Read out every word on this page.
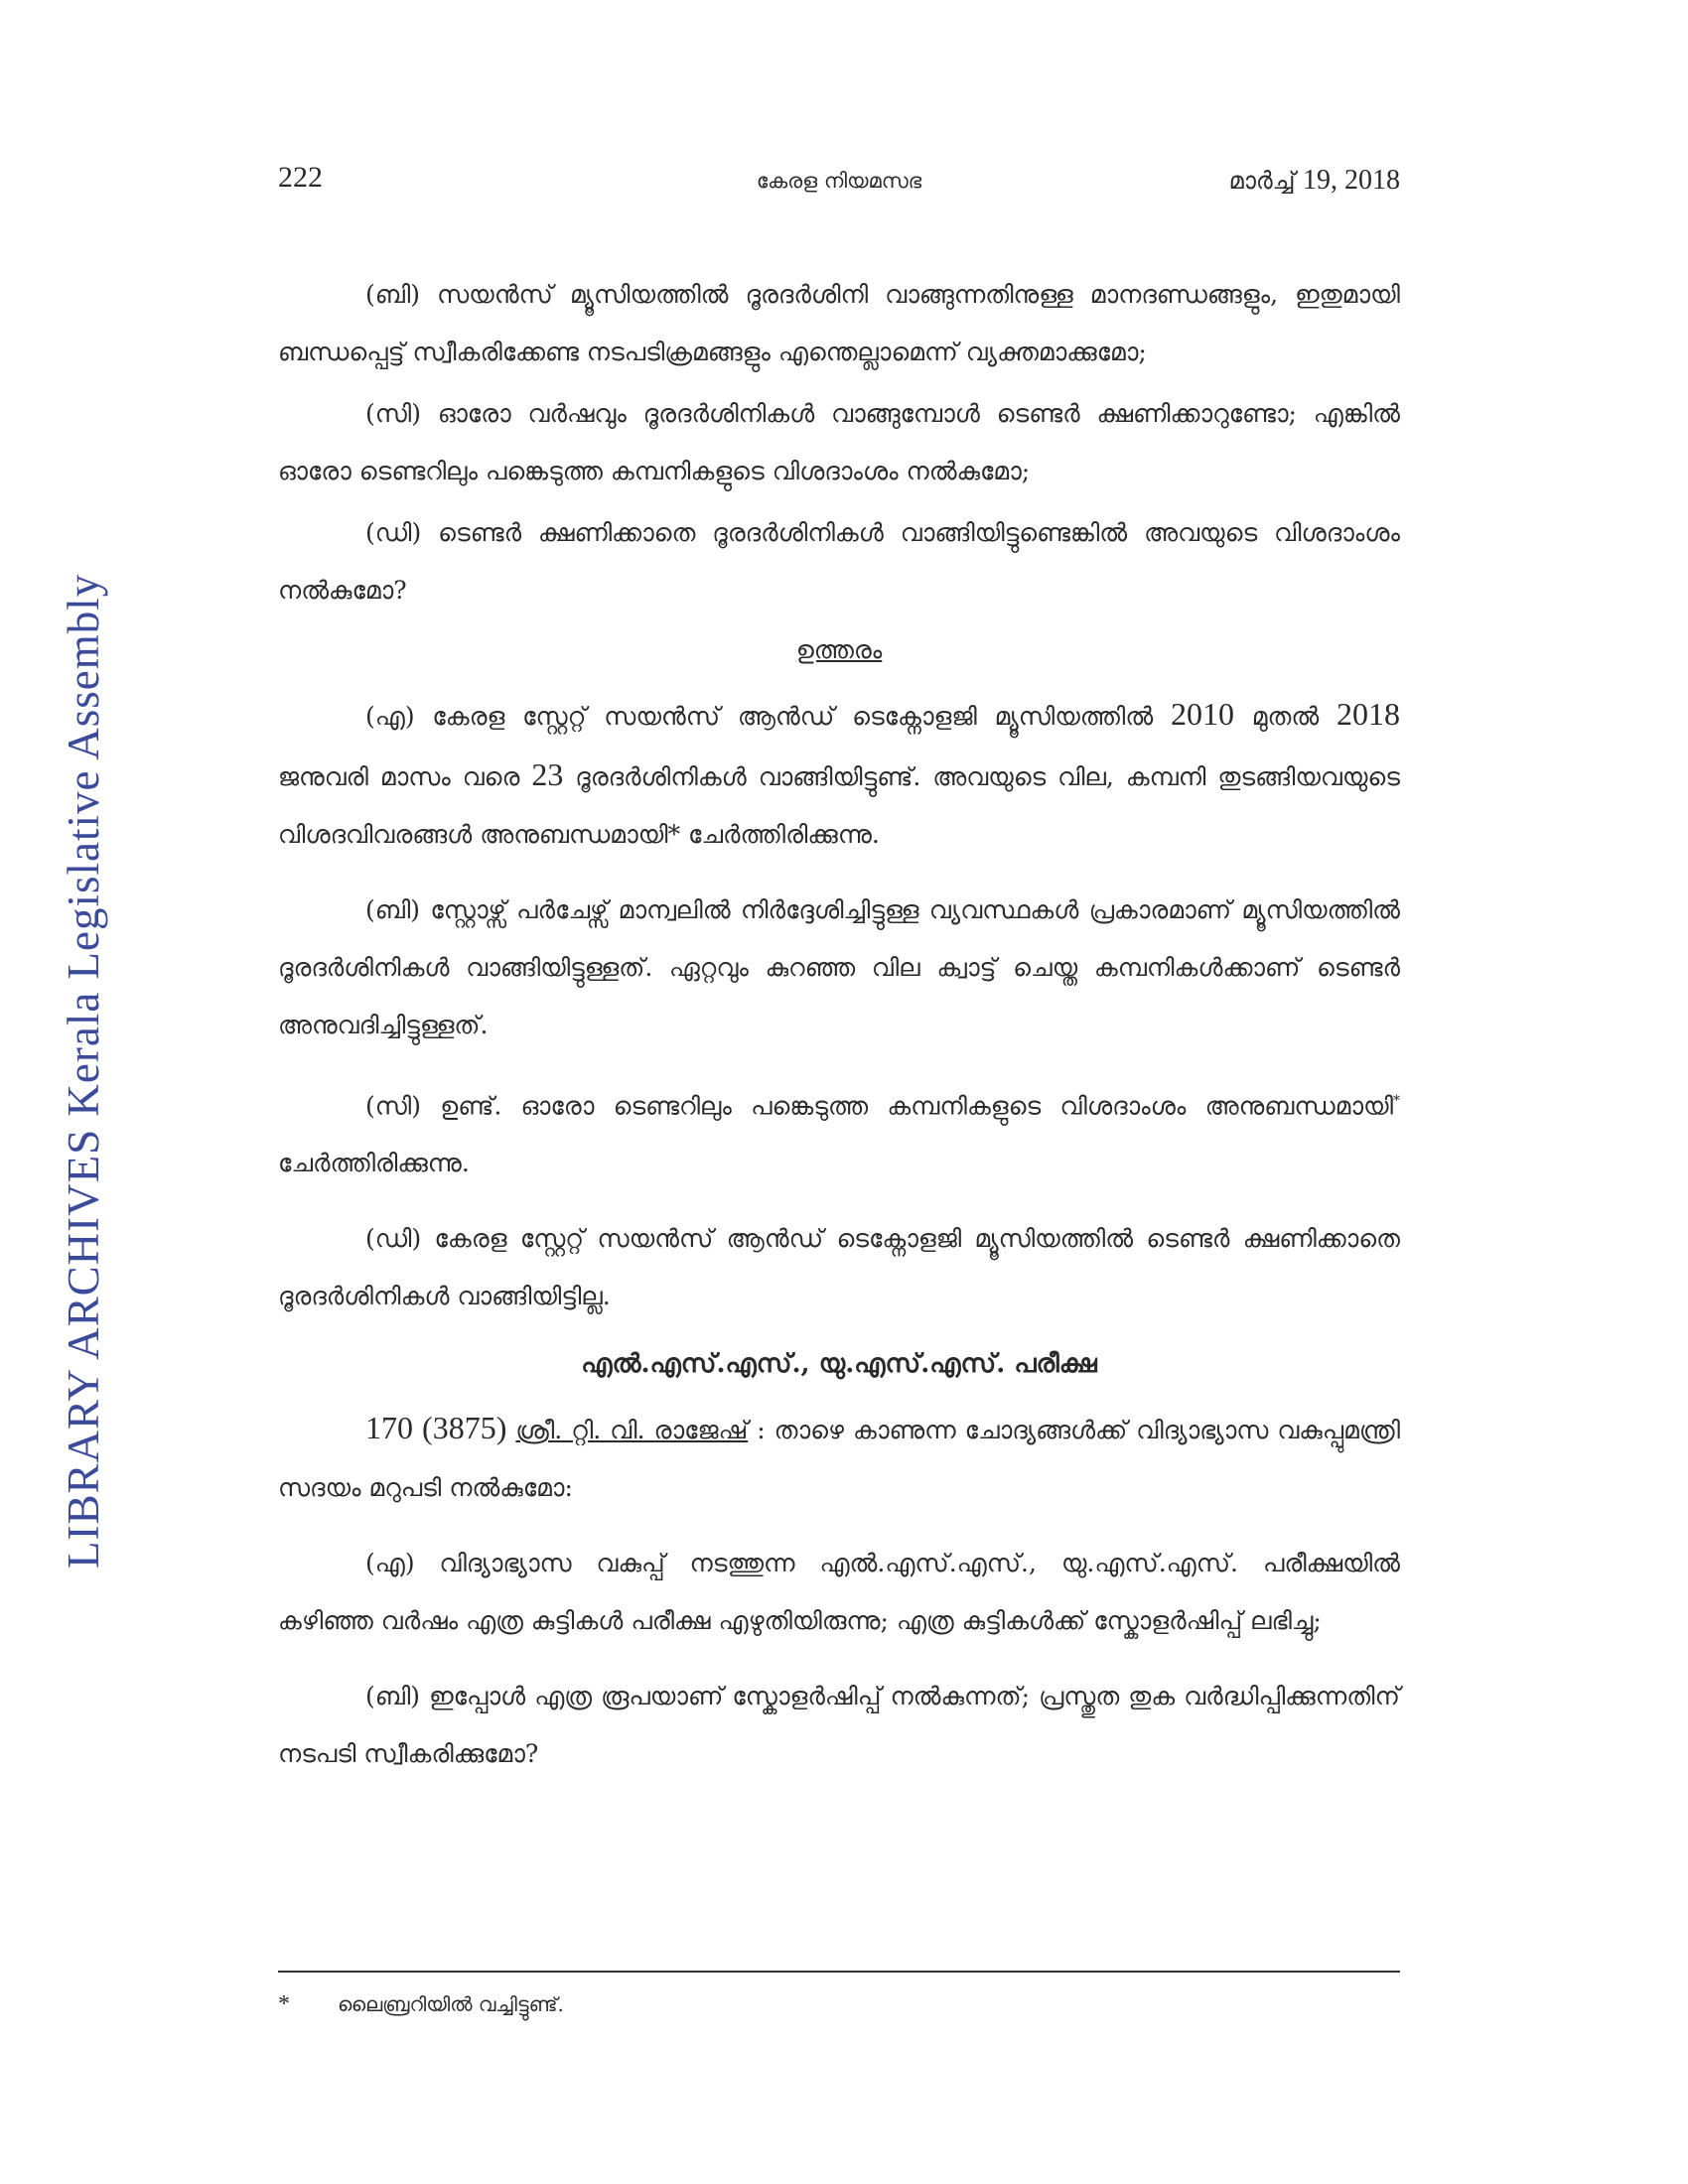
LIBRARY ARCHIVES Kerala Legislative Assembly
222	കേരള നിയമസഭ	മാർച്ച് 19, 2018

(ബി) സയൻസ് മ്യൂസിയത്തിൽ ദൂരദർശിനി വാങ്ങുന്നതിനുള്ള മാനദണ്ഡങ്ങളും, ഇതുമായി ബന്ധപ്പെട്ട് സ്വീകരിക്കേണ്ട നടപടിക്രമങ്ങളും എന്തെല്ലാമെന്ന് വ്യക്തമാക്കുമോ;

(സി) ഓരോ വർഷവും ദൂരദർശിനികൾ വാങ്ങുമ്പോൾ ടെണ്ടർ ക്ഷണിക്കാറുണ്ടോ; എങ്കിൽ ഓരോ ടെണ്ടറിലും പങ്കെടുത്ത കമ്പനികളുടെ വിശദാംശം നൽകുമോ;

(ഡി) ടെണ്ടർ ക്ഷണിക്കാതെ ദൂരദർശിനികൾ വാങ്ങിയിട്ടുണ്ടെങ്കിൽ അവയുടെ വിശദാംശം നൽകുമോ?

ഉത്തരം

(എ) കേരള സ്റ്റേറ്റ് സയൻസ് ആൻഡ് ടെക്നോളജി മ്യൂസിയത്തിൽ 2010 മുതൽ 2018 ജനുവരി മാസം വരെ 23 ദൂരദർശിനികൾ വാങ്ങിയിട്ടുണ്ട്. അവയുടെ വില, കമ്പനി തുടങ്ങിയവയുടെ വിശദവിവരങ്ങൾ അനുബന്ധമായി* ചേർത്തിരിക്കുന്നു.

(ബി) സ്റ്റോഴ്സ് പർചേഴ്സ് മാന്വലിൽ നിർദ്ദേശിച്ചിട്ടുള്ള വ്യവസ്ഥകൾ പ്രകാരമാണ് മ്യൂസിയത്തിൽ ദൂരദർശിനികൾ വാങ്ങിയിട്ടുള്ളത്. ഏറ്റവും കുറഞ്ഞ വില ക്വാട്ട് ചെയ്ത കമ്പനികൾക്കാണ് ടെണ്ടർ അനുവദിച്ചിട്ടുള്ളത്.

(സി) ഉണ്ട്. ഓരോ ടെണ്ടറിലും പങ്കെടുത്ത കമ്പനികളുടെ വിശദാംശം അനുബന്ധമായി* ചേർത്തിരിക്കുന്നു.

(ഡി) കേരള സ്റ്റേറ്റ് സയൻസ് ആൻഡ് ടെക്നോളജി മ്യൂസിയത്തിൽ ടെണ്ടർ ക്ഷണിക്കാതെ ദൂരദർശിനികൾ വാങ്ങിയിട്ടില്ല.

എൽ.എസ്.എസ്., യു.എസ്.എസ്. പരീക്ഷ

170 (3875) ശ്രീ. റ്റി. വി. രാജേഷ് : താഴെ കാണുന്ന ചോദ്യങ്ങൾക്ക് വിദ്യാഭ്യാസ വകുപ്പുമന്ത്രി സദയം മറുപടി നൽകുമോ:

(എ) വിദ്യാഭ്യാസ വകുപ്പ് നടത്തുന്ന എൽ.എസ്.എസ്., യു.എസ്.എസ്. പരീക്ഷയിൽ കഴിഞ്ഞ വർഷം എത്ര കുട്ടികൾ പരീക്ഷ എഴുതിയിരുന്നു; എത്ര കുട്ടികൾക്ക് സ്കോളർഷിപ്പ് ലഭിച്ചു;

(ബി) ഇപ്പോൾ എത്ര രൂപയാണ് സ്കോളർഷിപ്പ് നൽകുന്നത്; പ്രസ്തുത തുക വർദ്ധിപ്പിക്കുന്നതിന് നടപടി സ്വീകരിക്കുമോ?

* ലൈബ്രറിയിൽ വച്ചിട്ടുണ്ട്.
